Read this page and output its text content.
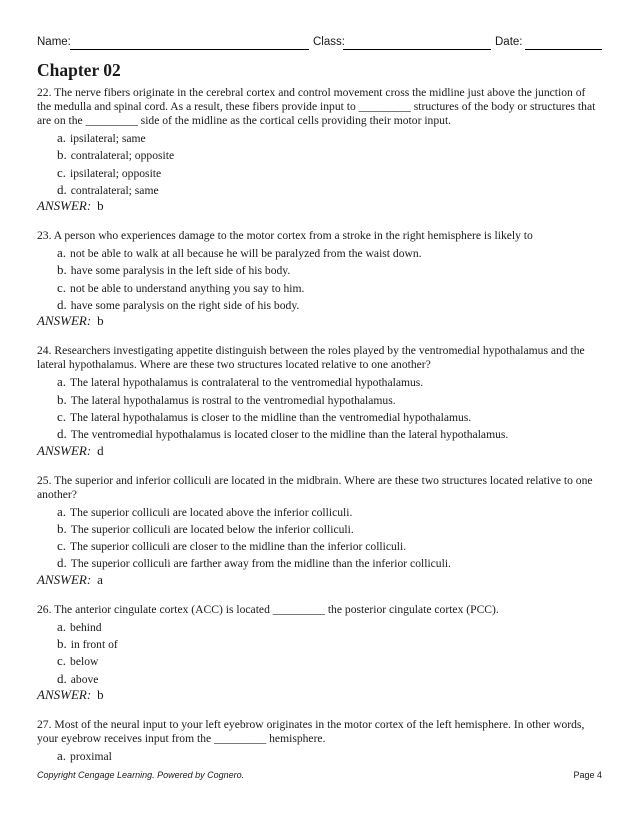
Name:	Class:	Date:
Chapter 02

22. The nerve fibers originate in the cerebral cortex and control movement cross the midline just above the junction of the medulla and spinal cord. As a result, these fibers provide input to _________ structures of the body or structures that are on the _________ side of the midline as the cortical cells providing their motor input.

a. ipsilateral; same
b. contralateral; opposite
c. ipsilateral; opposite
d. contralateral; same
ANSWER: b

23. A person who experiences damage to the motor cortex from a stroke in the right hemisphere is likely to

a. not be able to walk at all because he will be paralyzed from the waist down.
b. have some paralysis in the left side of his body.
c. not be able to understand anything you say to him.
d. have some paralysis on the right side of his body.
ANSWER: b

24. Researchers investigating appetite distinguish between the roles played by the ventromedial hypothalamus and the lateral hypothalamus. Where are these two structures located relative to one another?

a. The lateral hypothalamus is contralateral to the ventromedial hypothalamus.
b. The lateral hypothalamus is rostral to the ventromedial hypothalamus.
c. The lateral hypothalamus is closer to the midline than the ventromedial hypothalamus.
d. The ventromedial hypothalamus is located closer to the midline than the lateral hypothalamus.
ANSWER: d

25. The superior and inferior colliculi are located in the midbrain. Where are these two structures located relative to one another?

a. The superior colliculi are located above the inferior colliculi.
b. The superior colliculi are located below the inferior colliculi.
c. The superior colliculi are closer to the midline than the inferior colliculi.
d. The superior colliculi are farther away from the midline than the inferior colliculi.
ANSWER: a

26. The anterior cingulate cortex (ACC) is located _________ the posterior cingulate cortex (PCC).

a. behind
b. in front of
c. below
d. above
ANSWER: b

27. Most of the neural input to your left eyebrow originates in the motor cortex of the left hemisphere. In other words, your eyebrow receives input from the _________ hemisphere.

a. proximal
Copyright Cengage Learning. Powered by Cognero.	Page 4
